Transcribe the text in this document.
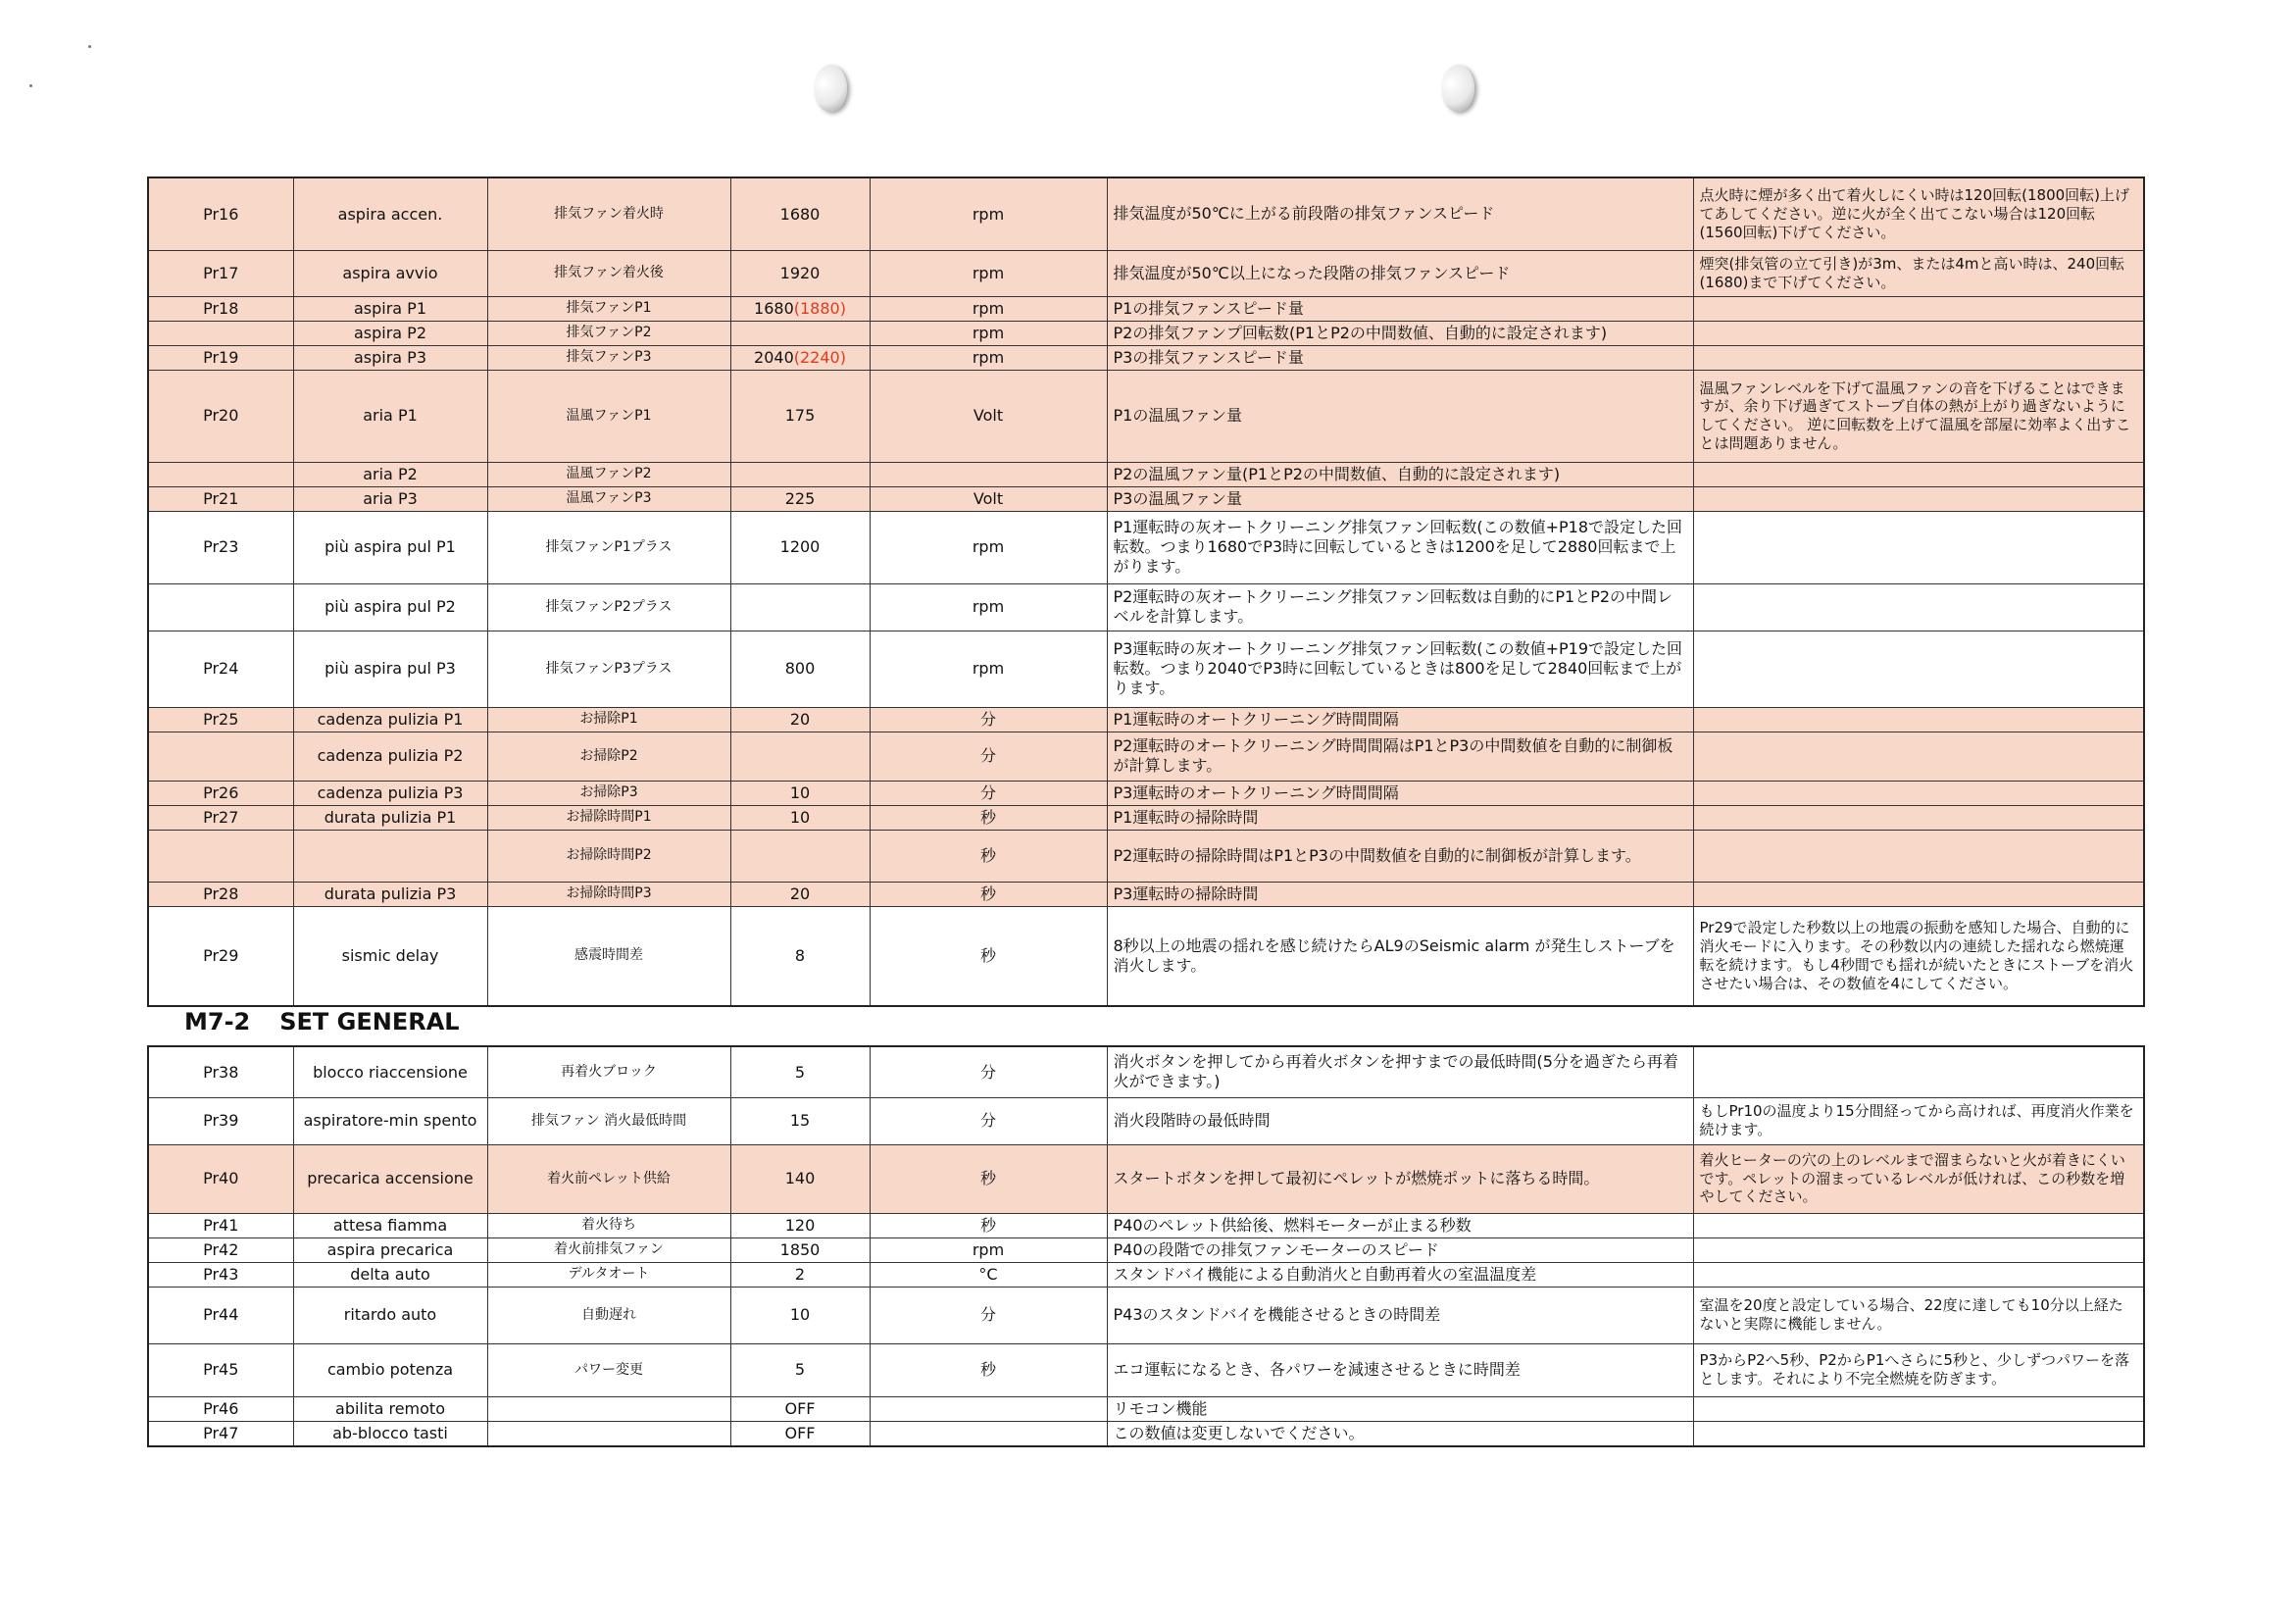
Pr16	aspira accen.	排気ファン着火時	1680	rpm	排気温度が50℃に上がる前段階の排気ファンスピード	点火時に煙が多く出て着火しにくい時は120回転(1800回転)上げてあしてください。逆に火が全く出てこない場合は120回転(1560回転)下げてください。
Pr17	aspira avvio	排気ファン着火後	1920	rpm	排気温度が50℃以上になった段階の排気ファンスピード	煙突(排気管の立て引き)が3m、または4mと高い時は、240回転(1680)まで下げてください。
Pr18	aspira P1	排気ファンP1	1680(1880)	rpm	P1の排気ファンスピード量	
	aspira P2	排気ファンP2		rpm	P2の排気ファンプ回転数(P1とP2の中間数値、自動的に設定されます)	
Pr19	aspira P3	排気ファンP3	2040(2240)	rpm	P3の排気ファンスピード量	
Pr20	aria P1	温風ファンP1	175	Volt	P1の温風ファン量	温風ファンレベルを下げて温風ファンの音を下げることはできますが、余り下げ過ぎてストーブ自体の熱が上がり過ぎないようにしてください。 逆に回転数を上げて温風を部屋に効率よく出すことは問題ありません。
	aria P2	温風ファンP2			P2の温風ファン量(P1とP2の中間数値、自動的に設定されます)	
Pr21	aria P3	温風ファンP3	225	Volt	P3の温風ファン量	
Pr23	più aspira pul P1	排気ファンP1プラス	1200	rpm	P1運転時の灰オートクリーニング排気ファン回転数(この数値+P18で設定した回転数。つまり1680でP3時に回転しているときは1200を足して2880回転まで上がります。	
	più aspira pul P2	排気ファンP2プラス		rpm	P2運転時の灰オートクリーニング排気ファン回転数は自動的にP1とP2の中間レベルを計算します。	
Pr24	più aspira pul P3	排気ファンP3プラス	800	rpm	P3運転時の灰オートクリーニング排気ファン回転数(この数値+P19で設定した回転数。つまり2040でP3時に回転しているときは800を足して2840回転まで上がります。	
Pr25	cadenza pulizia P1	お掃除P1	20	分	P1運転時のオートクリーニング時間間隔	
	cadenza pulizia P2	お掃除P2		分	P2運転時のオートクリーニング時間間隔はP1とP3の中間数値を自動的に制御板が計算します。	
Pr26	cadenza pulizia P3	お掃除P3	10	分	P3運転時のオートクリーニング時間間隔	
Pr27	durata pulizia P1	お掃除時間P1	10	秒	P1運転時の掃除時間	
		お掃除時間P2		秒	P2運転時の掃除時間はP1とP3の中間数値を自動的に制御板が計算します。	
Pr28	durata pulizia P3	お掃除時間P3	20	秒	P3運転時の掃除時間	
Pr29	sismic delay	感震時間差	8	秒	8秒以上の地震の揺れを感じ続けたらAL9のSeismic alarm が発生しストーブを消火します。	Pr29で設定した秒数以上の地震の振動を感知した場合、自動的に消火モードに入ります。その秒数以内の連続した揺れなら燃焼運転を続けます。もし4秒間でも揺れが続いたときにストーブを消火させたい場合は、その数値を4にしてください。
M7-2 SET GENERAL
Pr38	blocco riaccensione	再着火ブロック	5	分	消火ボタンを押してから再着火ボタンを押すまでの最低時間(5分を過ぎたら再着火ができます。)	
Pr39	aspiratore-min spento	排気ファン 消火最低時間	15	分	消火段階時の最低時間	もしPr10の温度より15分間経ってから高ければ、再度消火作業を続けます。
Pr40	precarica accensione	着火前ペレット供給	140	秒	スタートボタンを押して最初にペレットが燃焼ポットに落ちる時間。	着火ヒーターの穴の上のレベルまで溜まらないと火が着きにくいです。ペレットの溜まっているレベルが低ければ、この秒数を増やしてください。
Pr41	attesa fiamma	着火待ち	120	秒	P40のペレット供給後、燃料モーターが止まる秒数	
Pr42	aspira precarica	着火前排気ファン	1850	rpm	P40の段階での排気ファンモーターのスピード	
Pr43	delta auto	デルタオート	2	°C	スタンドバイ機能による自動消火と自動再着火の室温温度差	
Pr44	ritardo auto	自動遅れ	10	分	P43のスタンドバイを機能させるときの時間差	室温を20度と設定している場合、22度に達しても10分以上経たないと実際に機能しません。
Pr45	cambio potenza	パワー変更	5	秒	エコ運転になるとき、各パワーを減速させるときに時間差	P3からP2へ5秒、P2からP1へさらに5秒と、少しずつパワーを落とします。それにより不完全燃焼を防ぎます。
Pr46	abilita remoto		OFF		リモコン機能	
Pr47	ab-blocco tasti		OFF		この数値は変更しないでください。	
